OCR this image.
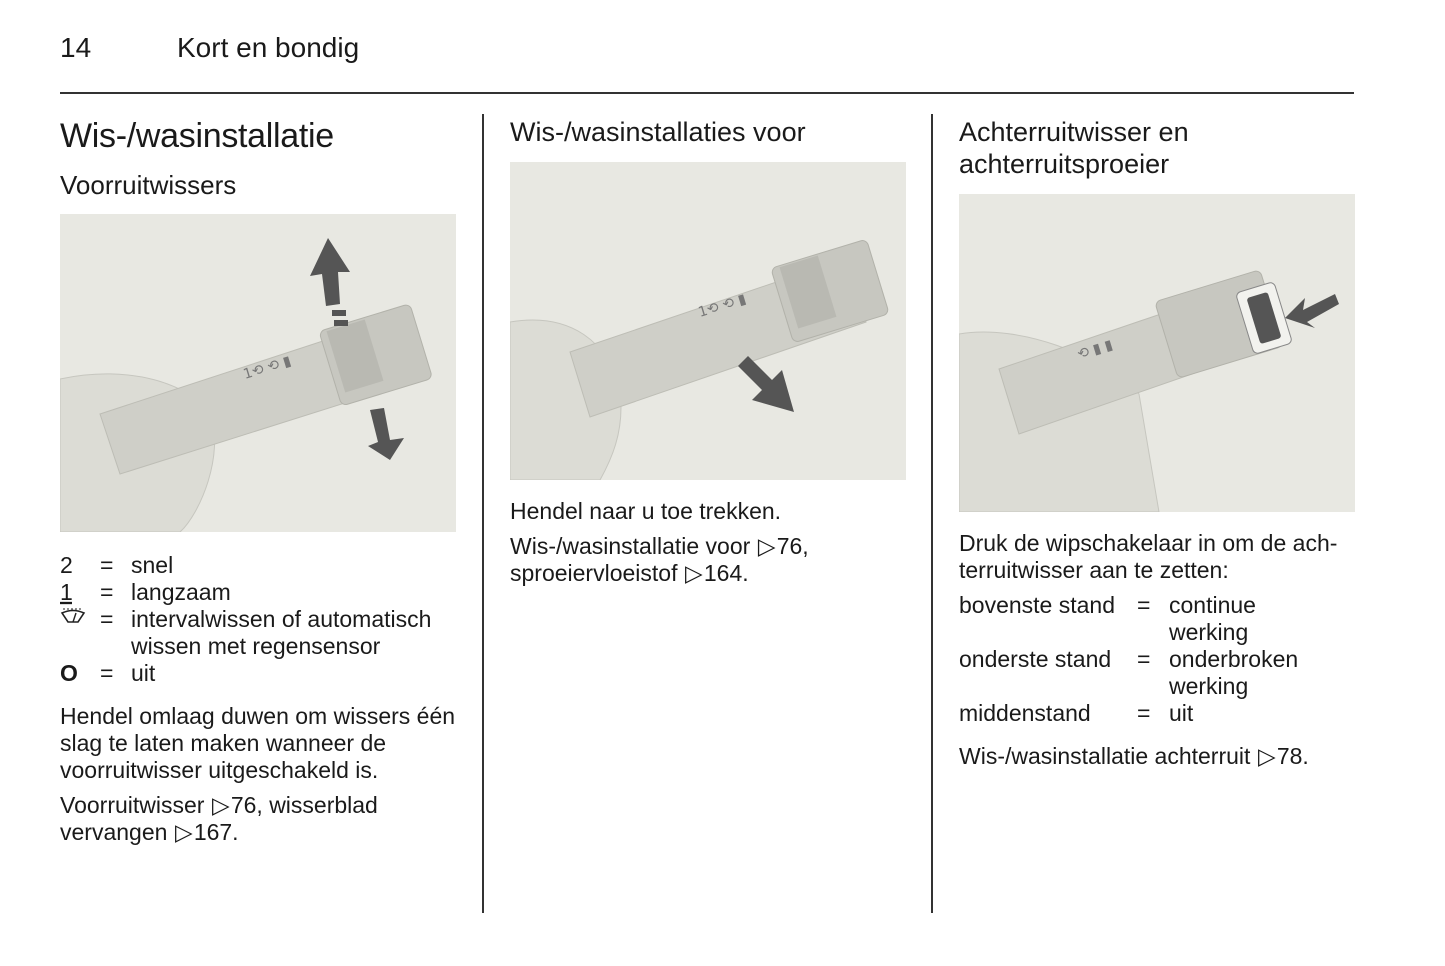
14	Kort en bondig
Wis-/wasinstallatie
Voorruitwissers
1⟲ ⟲ ▮
2	=	snel
1	=	langzaam
	=	intervalwissen of automatisch wissen met regensensor
O	=	uit

Hendel omlaag duwen om wissers één slag te laten maken wanneer de voorruitwisser uitgeschakeld is.

Voorruitwisser ▷76, wisserblad
vervangen ▷167.

Wis-/wasinstallaties voor
1⟲ ⟲ ▮

Hendel naar u toe trekken.

Wis-/wasinstallatie voor ▷76,
sproeiervloeistof ▷164.

Achterruitwisser en
achterruitsproeier
⟲ ▮ ▮

Druk de wipschakelaar in om de ach-
terruitwisser aan te zetten:

bovenste stand	=	continue werking
onderste stand	=	onderbroken werking
middenstand	=	uit

Wis-/wasinstallatie achterruit ▷78.
